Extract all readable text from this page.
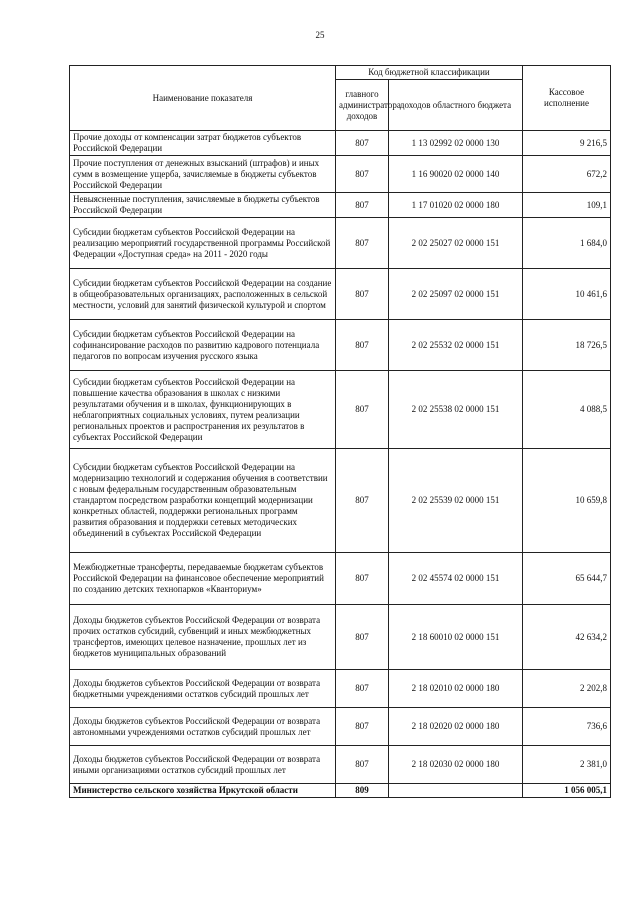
25
Наименование показателя	Код бюджетной классификации		Кассовое исполнение
	главного администратора доходов	доходов областного бюджета	
Прочие доходы от компенсации затрат бюджетов субъектов Российской Федерации	807	1 13 02992 02 0000 130	9 216,5
Прочие поступления от денежных взысканий (штрафов) и иных сумм в возмещение ущерба, зачисляемые в бюджеты субъектов Российской Федерации	807	1 16 90020 02 0000 140	672,2
Невыясненные поступления, зачисляемые в бюджеты субъектов Российской Федерации	807	1 17 01020 02 0000 180	109,1
Субсидии бюджетам субъектов Российской Федерации на реализацию мероприятий государственной программы Российской Федерации «Доступная среда» на 2011 - 2020 годы	807	2 02 25027 02 0000 151	1 684,0
Субсидии бюджетам субъектов Российской Федерации на создание в общеобразовательных организациях, расположенных в сельской местности, условий для занятий физической культурой и спортом	807	2 02 25097 02 0000 151	10 461,6
Субсидии бюджетам субъектов Российской Федерации на софинансирование расходов по развитию кадрового потенциала педагогов по вопросам изучения русского языка	807	2 02 25532 02 0000 151	18 726,5
Субсидии бюджетам субъектов Российской Федерации на повышение качества образования в школах с низкими результатами обучения и в школах, функционирующих в неблагоприятных социальных условиях, путем реализации региональных проектов и распространения их результатов в субъектах Российской Федерации	807	2 02 25538 02 0000 151	4 088,5
Субсидии бюджетам субъектов Российской Федерации на модернизацию технологий и содержания обучения в соответствии с новым федеральным государственным образовательным стандартом посредством разработки концепций модернизации конкретных областей, поддержки региональных программ развития образования и поддержки сетевых методических объединений в субъектах Российской Федерации	807	2 02 25539 02 0000 151	10 659,8
Межбюджетные трансферты, передаваемые бюджетам субъектов Российской Федерации на финансовое обеспечение мероприятий по созданию детских технопарков «Кванториум»	807	2 02 45574 02 0000 151	65 644,7
Доходы бюджетов субъектов Российской Федерации от возврата прочих остатков субсидий, субвенций и иных межбюджетных трансфертов, имеющих целевое назначение, прошлых лет из бюджетов муниципальных образований	807	2 18 60010 02 0000 151	42 634,2
Доходы бюджетов субъектов Российской Федерации от возврата бюджетными учреждениями остатков субсидий прошлых лет	807	2 18 02010 02 0000 180	2 202,8
Доходы бюджетов субъектов Российской Федерации от возврата автономными учреждениями остатков субсидий прошлых лет	807	2 18 02020 02 0000 180	736,6
Доходы бюджетов субъектов Российской Федерации от возврата иными организациями остатков субсидий прошлых лет	807	2 18 02030 02 0000 180	2 381,0
Министерство сельского хозяйства Иркутской области	809		1 056 005,1
